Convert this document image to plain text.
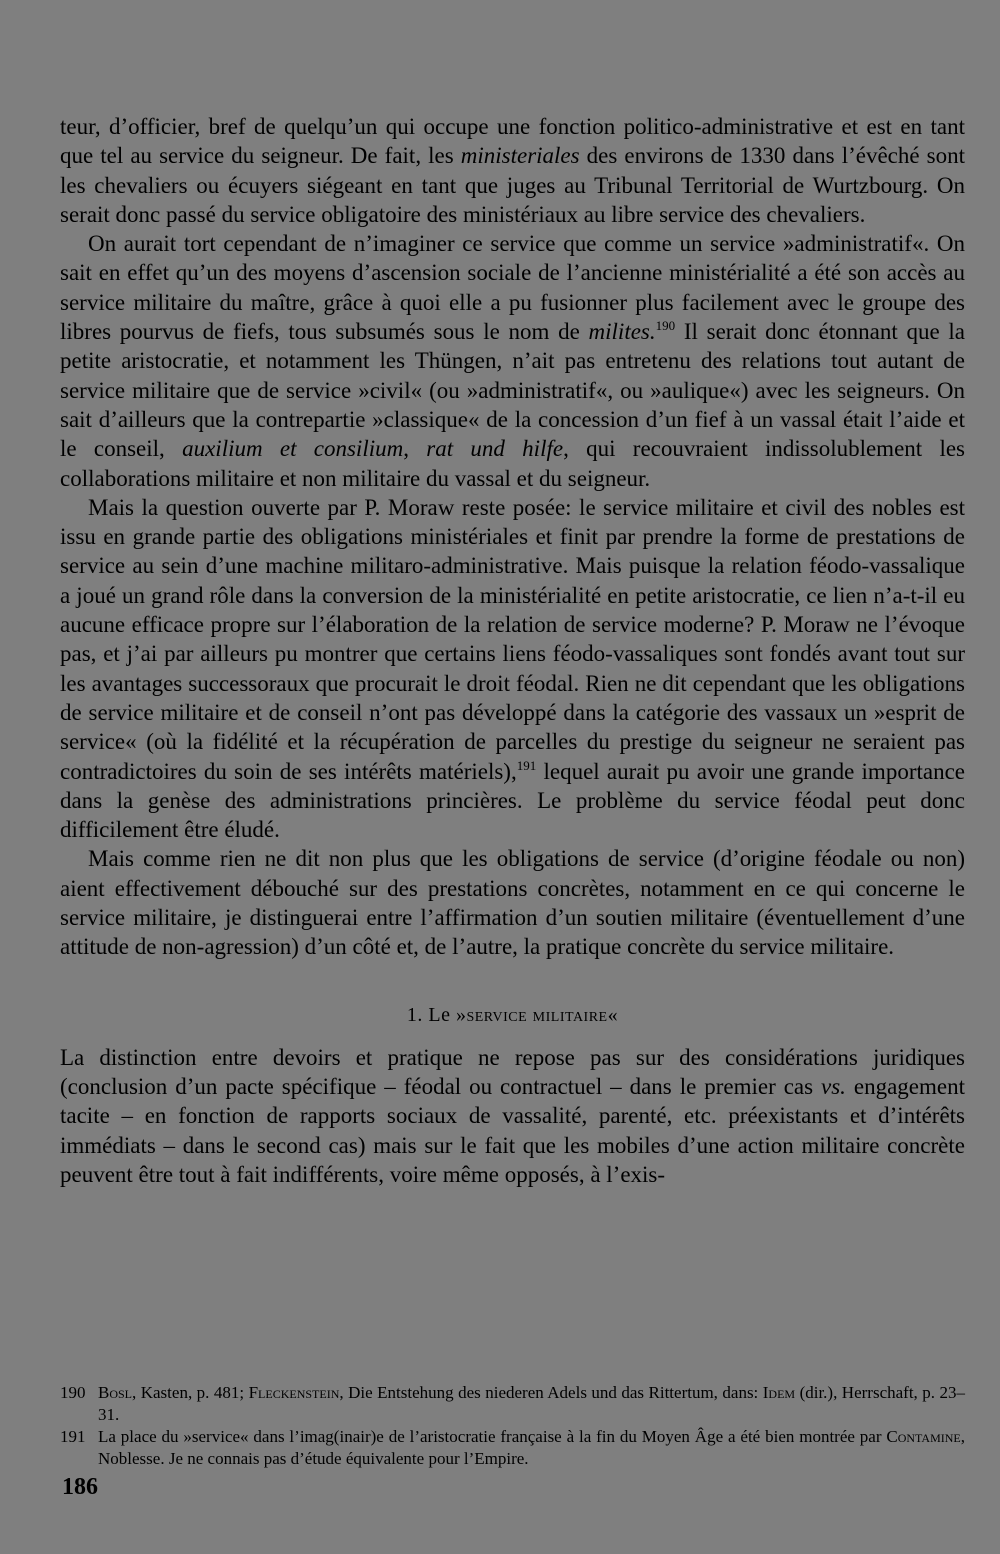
teur, d’officier, bref de quelqu’un qui occupe une fonction politico-administrative et est en tant que tel au service du seigneur. De fait, les ministeriales des environs de 1330 dans l’évêché sont les chevaliers ou écuyers siégeant en tant que juges au Tribunal Territorial de Wurtzbourg. On serait donc passé du service obligatoire des ministériaux au libre service des chevaliers.

On aurait tort cependant de n’imaginer ce service que comme un service »administratif«. On sait en effet qu’un des moyens d’ascension sociale de l’ancienne ministérialité a été son accès au service militaire du maître, grâce à quoi elle a pu fusionner plus facilement avec le groupe des libres pourvus de fiefs, tous subsumés sous le nom de milites.$^{190}$ Il serait donc étonnant que la petite aristocratie, et notamment les Thüngen, n’ait pas entretenu des relations tout autant de service militaire que de service »civil« (ou »administratif«, ou »aulique«) avec les seigneurs. On sait d’ailleurs que la contrepartie »classique« de la concession d’un fief à un vassal était l’aide et le conseil, auxilium et consilium, rat und hilfe, qui recouvraient indissolublement les collaborations militaire et non militaire du vassal et du seigneur.

Mais la question ouverte par P. Moraw reste posée: le service militaire et civil des nobles est issu en grande partie des obligations ministériales et finit par prendre la forme de prestations de service au sein d’une machine militaro-administrative. Mais puisque la relation féodo-vassalique a joué un grand rôle dans la conversion de la ministérialité en petite aristocratie, ce lien n’a-t-il eu aucune efficace propre sur l’élaboration de la relation de service moderne? P. Moraw ne l’évoque pas, et j’ai par ailleurs pu montrer que certains liens féodo-vassaliques sont fondés avant tout sur les avantages successoraux que procurait le droit féodal. Rien ne dit cependant que les obligations de service militaire et de conseil n’ont pas développé dans la catégorie des vassaux un »esprit de service« (où la fidélité et la récupération de parcelles du prestige du seigneur ne seraient pas contradictoires du soin de ses intérêts matériels),$^{191}$ lequel aurait pu avoir une grande importance dans la genèse des administrations princières. Le problème du service féodal peut donc difficilement être éludé.

Mais comme rien ne dit non plus que les obligations de service (d’origine féodale ou non) aient effectivement débouché sur des prestations concrètes, notamment en ce qui concerne le service militaire, je distinguerai entre l’affirmation d’un soutien militaire (éventuellement d’une attitude de non-agression) d’un côté et, de l’autre, la pratique concrète du service militaire.

1. Le »service militaire«

La distinction entre devoirs et pratique ne repose pas sur des considérations juridiques (conclusion d’un pacte spécifique – féodal ou contractuel – dans le premier cas vs. engagement tacite – en fonction de rapports sociaux de vassalité, parenté, etc. préexistants et d’intérêts immédiats – dans le second cas) mais sur le fait que les mobiles d’une action militaire concrète peuvent être tout à fait indifférents, voire même opposés, à l’exis-

190 Bosl, Kasten, p. 481; Fleckenstein, Die Entstehung des niederen Adels und das Rittertum, dans: Idem (dir.), Herrschaft, p. 23–31.
191 La place du »service« dans l’imag(inair)e de l’aristocratie française à la fin du Moyen Âge a été bien montrée par Contamine, Noblesse. Je ne connais pas d’étude équivalente pour l’Empire.
186
